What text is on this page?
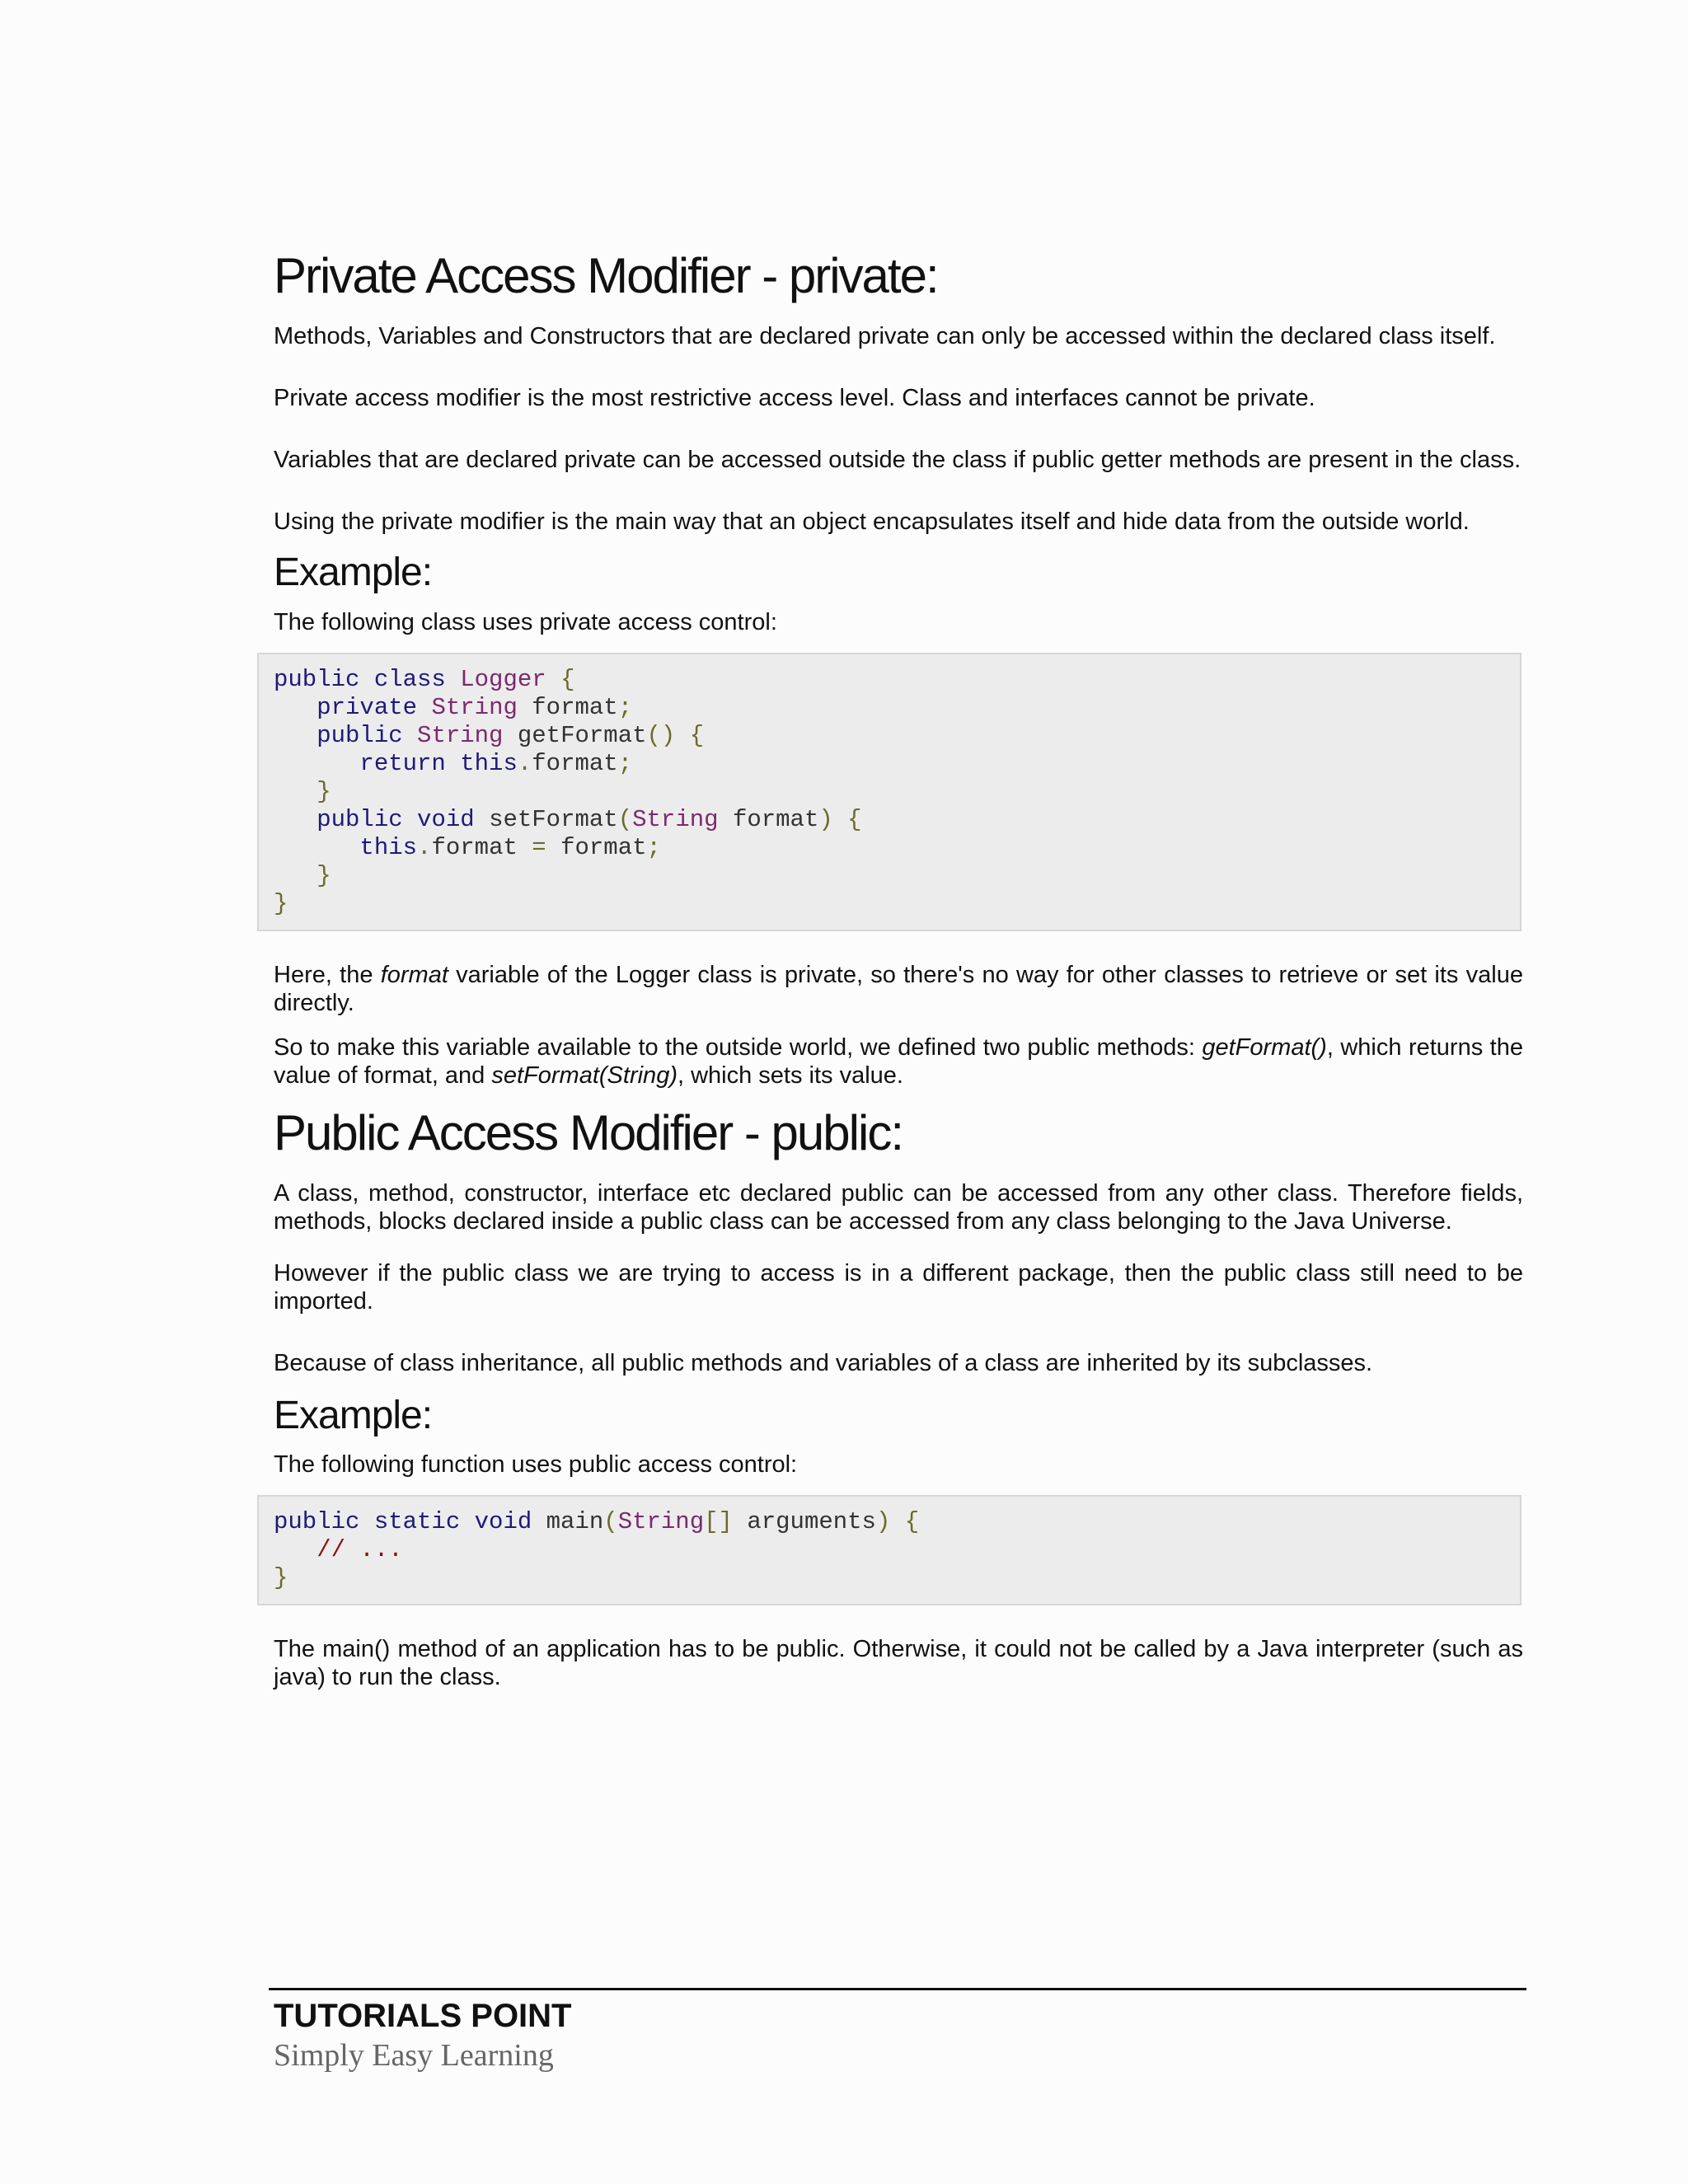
Private Access Modifier - private:

Methods, Variables and Constructors that are declared private can only be accessed within the declared class itself.

Private access modifier is the most restrictive access level. Class and interfaces cannot be private.

Variables that are declared private can be accessed outside the class if public getter methods are present in the class.

Using the private modifier is the main way that an object encapsulates itself and hide data from the outside world.

Example:

The following class uses private access control:

public class Logger {
private String format;
public String getFormat() {
return this.format;
}
public void setFormat(String format) {
this.format = format;
}
}

Here, the format variable of the Logger class is private, so there's no way for other classes to retrieve or set its value directly.

So to make this variable available to the outside world, we defined two public methods: getFormat(), which returns the value of format, and setFormat(String), which sets its value.

Public Access Modifier - public:

A class, method, constructor, interface etc declared public can be accessed from any other class. Therefore fields, methods, blocks declared inside a public class can be accessed from any class belonging to the Java Universe.

However if the public class we are trying to access is in a different package, then the public class still need to be imported.

Because of class inheritance, all public methods and variables of a class are inherited by its subclasses.

Example:

The following function uses public access control:

public static void main(String[] arguments) {
// ...
}

The main() method of an application has to be public. Otherwise, it could not be called by a Java interpreter (such as java) to run the class.

TUTORIALS POINT
Simply Easy Learning
